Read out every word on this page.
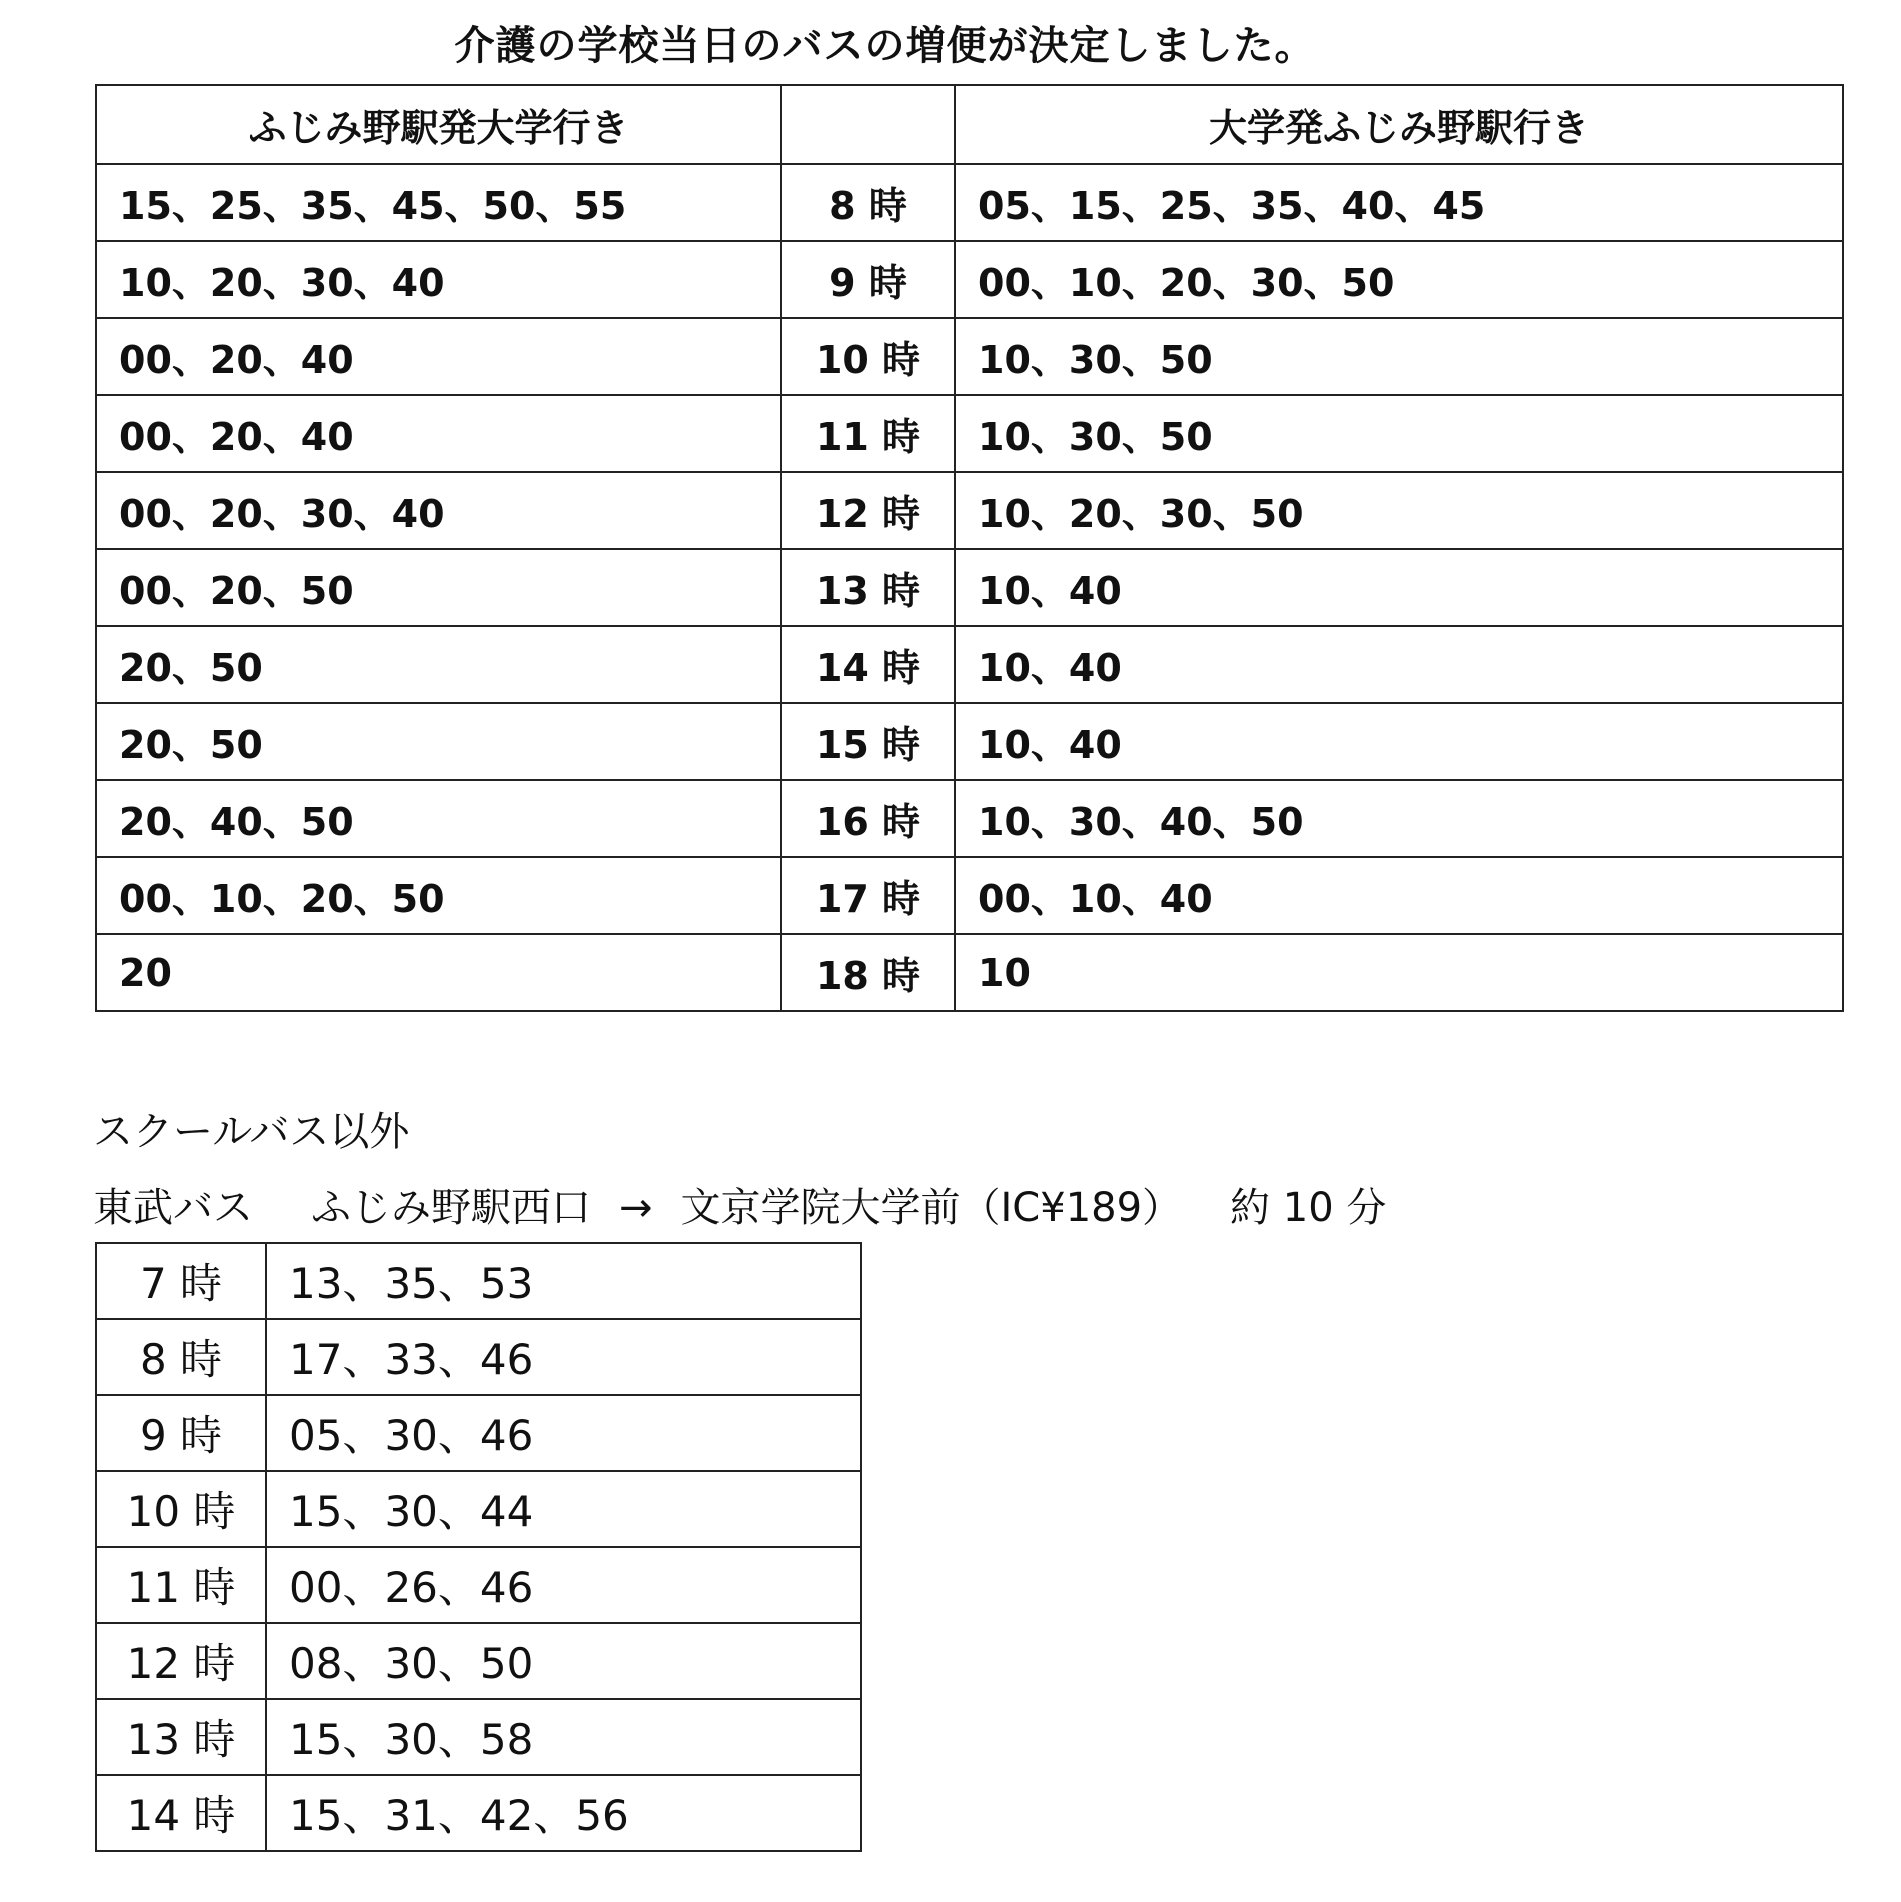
介護の学校当日のバスの増便が決定しました。
ふじみ野駅発大学行き		大学発ふじみ野駅行き
15、25、35、45、50、55	8 時	05、15、25、35、40、45
10、20、30、40	9 時	00、10、20、30、50
00、20、40	10 時	10、30、50
00、20、40	11 時	10、30、50
00、20、30、40	12 時	10、20、30、50
00、20、50	13 時	10、40
20、50	14 時	10、40
20、50	15 時	10、40
20、40、50	16 時	10、30、40、50
00、10、20、50	17 時	00、10、40
20	18 時	10
スクールバス以外
東武バス ふじみ野駅西口 → 文京学院大学前（IC¥189） 約 10 分
7 時	13、35、53
8 時	17、33、46
9 時	05、30、46
10 時	15、30、44
11 時	00、26、46
12 時	08、30、50
13 時	15、30、58
14 時	15、31、42、56
